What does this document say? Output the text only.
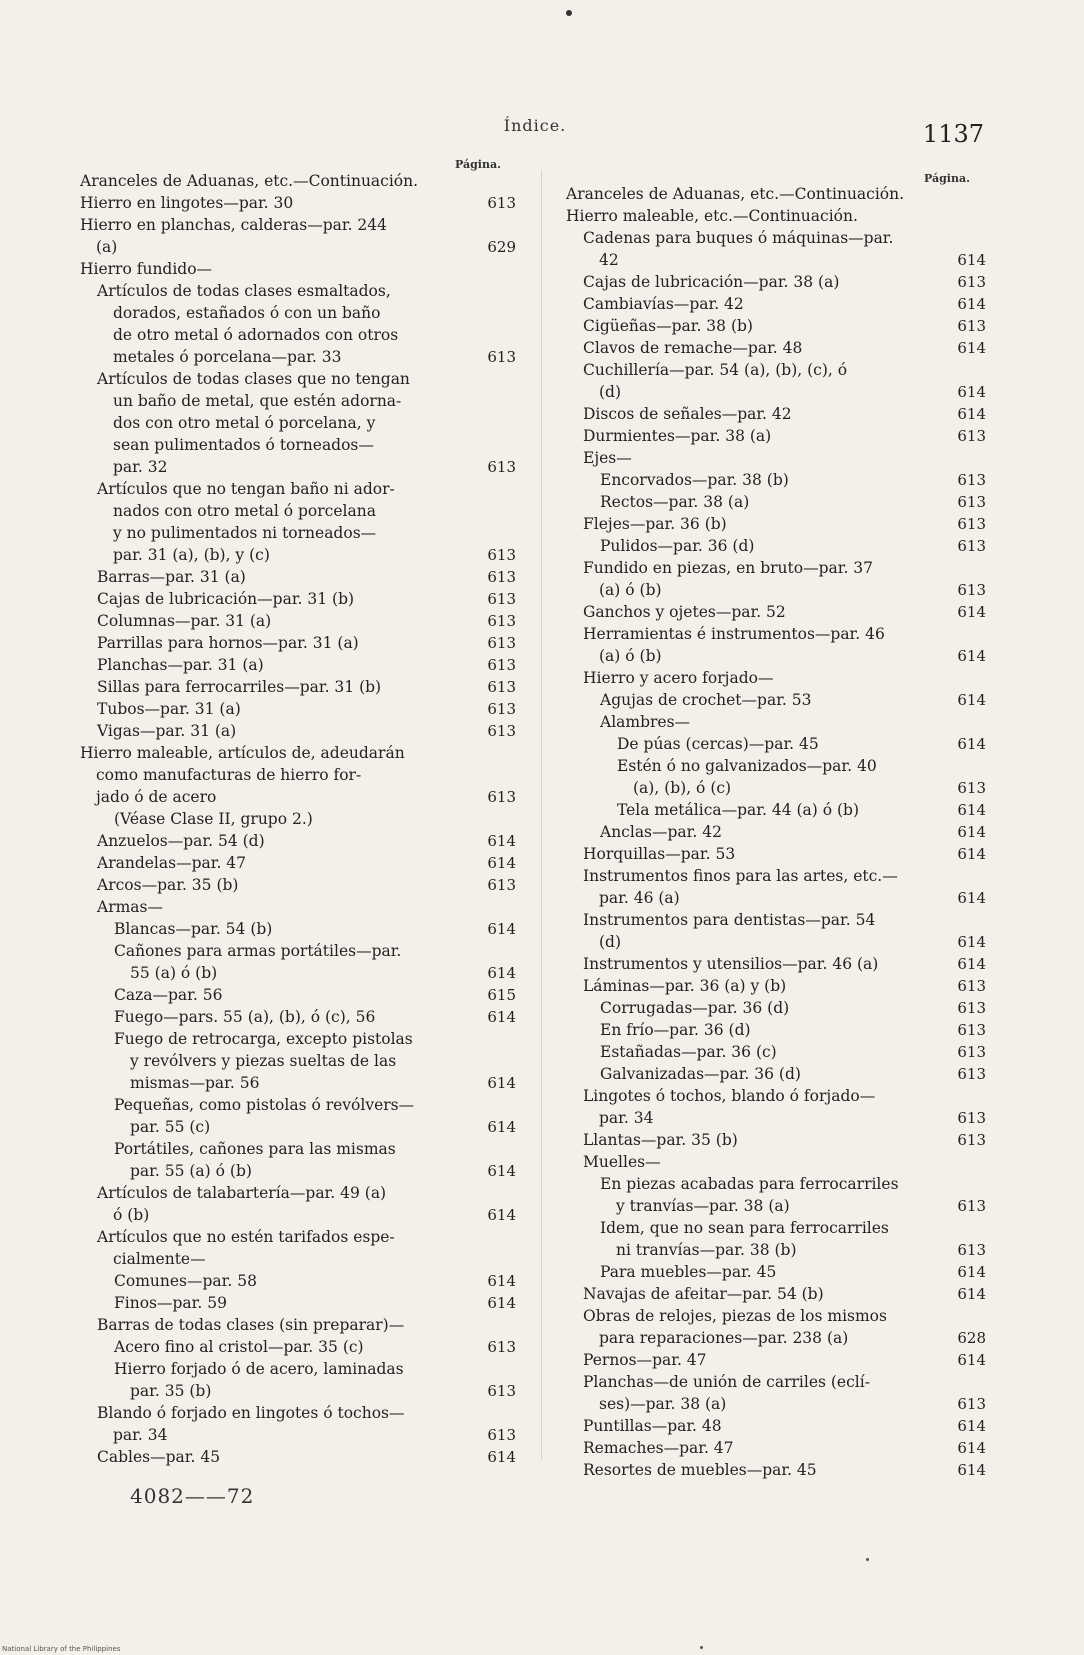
Índice.	1137
Página.
Página.
Aranceles de Aduanas, etc.—Continuación.
Hierro en lingotes—par. 30	613
Hierro en planchas, calderas—par. 244
(a)	629
Hierro fundido—
Artículos de todas clases esmaltados,
dorados, estañados ó con un baño
de otro metal ó adornados con otros
metales ó porcelana—par. 33	613
Artículos de todas clases que no tengan
un baño de metal, que estén adorna-
dos con otro metal ó porcelana, y
sean pulimentados ó torneados—
par. 32	613
Artículos que no tengan baño ni ador-
nados con otro metal ó porcelana
y no pulimentados ni torneados—
par. 31 (a), (b), y (c)	613
Barras—par. 31 (a)	613
Cajas de lubricación—par. 31 (b)	613
Columnas—par. 31 (a)	613
Parrillas para hornos—par. 31 (a)	613
Planchas—par. 31 (a)	613
Sillas para ferrocarriles—par. 31 (b)	613
Tubos—par. 31 (a)	613
Vigas—par. 31 (a)	613
Hierro maleable, artículos de, adeudarán
como manufacturas de hierro for-
jado ó de acero	613
(Véase Clase II, grupo 2.)
Anzuelos—par. 54 (d)	614
Arandelas—par. 47	614
Arcos—par. 35 (b)	613
Armas—
Blancas—par. 54 (b)	614
Cañones para armas portátiles—par.
55 (a) ó (b)	614
Caza—par. 56	615
Fuego—pars. 55 (a), (b), ó (c), 56	614
Fuego de retrocarga, excepto pistolas
y revólvers y piezas sueltas de las
mismas—par. 56	614
Pequeñas, como pistolas ó revólvers—
par. 55 (c)	614
Portátiles, cañones para las mismas
par. 55 (a) ó (b)	614
Artículos de talabartería—par. 49 (a)
ó (b)	614
Artículos que no estén tarifados espe-
cialmente—
Comunes—par. 58	614
Finos—par. 59	614
Barras de todas clases (sin preparar)—
Acero fino al cristol—par. 35 (c)	613
Hierro forjado ó de acero, laminadas
par. 35 (b)	613
Blando ó forjado en lingotes ó tochos—
par. 34	613
Cables—par. 45	614
Aranceles de Aduanas, etc.—Continuación.
Hierro maleable, etc.—Continuación.
Cadenas para buques ó máquinas—par.
42	614
Cajas de lubricación—par. 38 (a)	613
Cambiavías—par. 42	614
Cigüeñas—par. 38 (b)	613
Clavos de remache—par. 48	614
Cuchillería—par. 54 (a), (b), (c), ó
(d)	614
Discos de señales—par. 42	614
Durmientes—par. 38 (a)	613
Ejes—
Encorvados—par. 38 (b)	613
Rectos—par. 38 (a)	613
Flejes—par. 36 (b)	613
Pulidos—par. 36 (d)	613
Fundido en piezas, en bruto—par. 37
(a) ó (b)	613
Ganchos y ojetes—par. 52	614
Herramientas é instrumentos—par. 46
(a) ó (b)	614
Hierro y acero forjado—
Agujas de crochet—par. 53	614
Alambres—
De púas (cercas)—par. 45	614
Estén ó no galvanizados—par. 40
(a), (b), ó (c)	613
Tela metálica—par. 44 (a) ó (b)	614
Anclas—par. 42	614
Horquillas—par. 53	614
Instrumentos finos para las artes, etc.—
par. 46 (a)	614
Instrumentos para dentistas—par. 54
(d)	614
Instrumentos y utensilios—par. 46 (a)	614
Láminas—par. 36 (a) y (b)	613
Corrugadas—par. 36 (d)	613
En frío—par. 36 (d)	613
Estañadas—par. 36 (c)	613
Galvanizadas—par. 36 (d)	613
Lingotes ó tochos, blando ó forjado—
par. 34	613
Llantas—par. 35 (b)	613
Muelles—
En piezas acabadas para ferrocarriles
y tranvías—par. 38 (a)	613
Idem, que no sean para ferrocarriles
ni tranvías—par. 38 (b)	613
Para muebles—par. 45	614
Navajas de afeitar—par. 54 (b)	614
Obras de relojes, piezas de los mismos
para reparaciones—par. 238 (a)	628
Pernos—par. 47	614
Planchas—de unión de carriles (eclí-
ses)—par. 38 (a)	613
Puntillas—par. 48	614
Remaches—par. 47	614
Resortes de muebles—par. 45	614
4082——72
National Library of the Philippines
